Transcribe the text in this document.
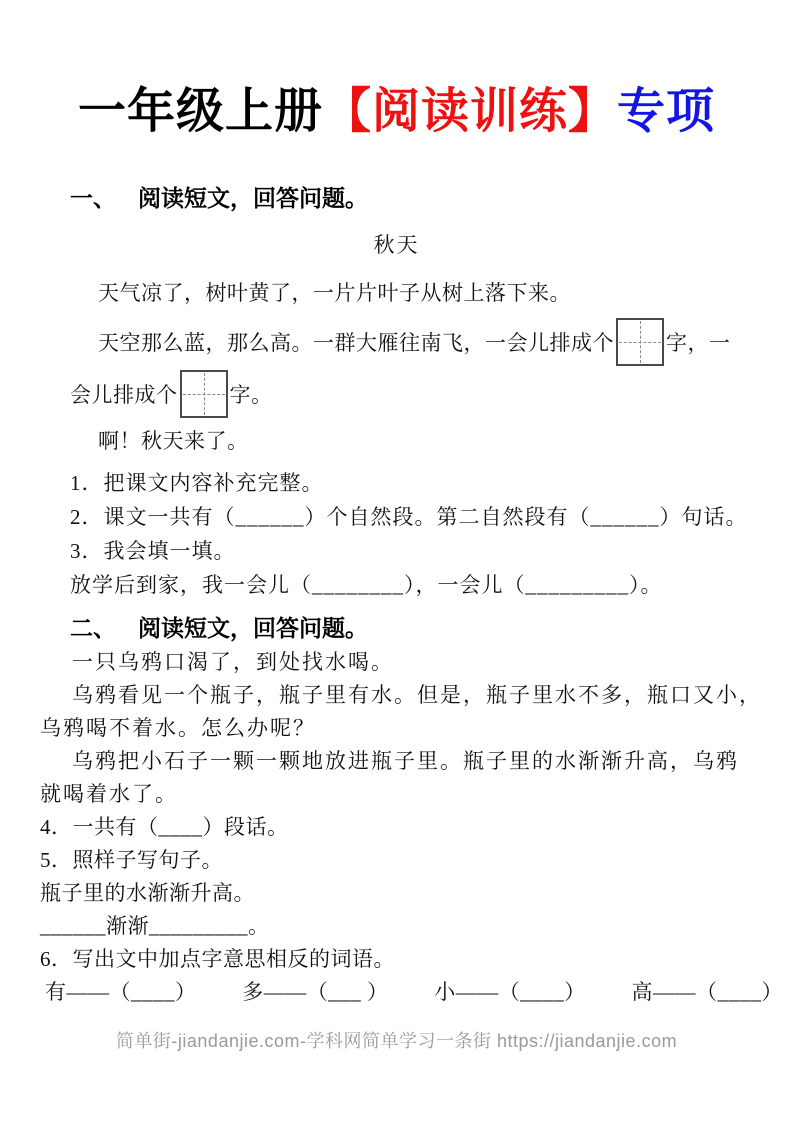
一年级上册【阅读训练】专项
一、 阅读短文，回答问题。
秋天
天气凉了，树叶黄了，一片片叶子从树上落下来。
天空那么蓝，那么高。一群大雁往南飞，一会儿排成个 字，一
会儿排成个 字。
啊！秋天来了。
1．把课文内容补充完整。
2．课文一共有（______）个自然段。第二自然段有（______）句话。
3．我会填一填。
放学后到家，我一会儿（________），一会儿（_________）。
二、 阅读短文，回答问题。
一只乌鸦口渴了，到处找水喝。
乌鸦看见一个瓶子，瓶子里有水。但是，瓶子里水不多，瓶口又小，
乌鸦喝不着水。怎么办呢？
乌鸦把小石子一颗一颗地放进瓶子里。瓶子里的水渐渐升高，乌鸦
就喝着水了。
4．一共有（____）段话。
5．照样子写句子。
瓶子里的水渐渐升高。
______渐渐_________。
6．写出文中加点字意思相反的词语。
有——（____） 多——（___ ） 小——（____） 高——（____）
简单街-jiandanjie.com-学科网简单学习一条街 https://jiandanjie.com
